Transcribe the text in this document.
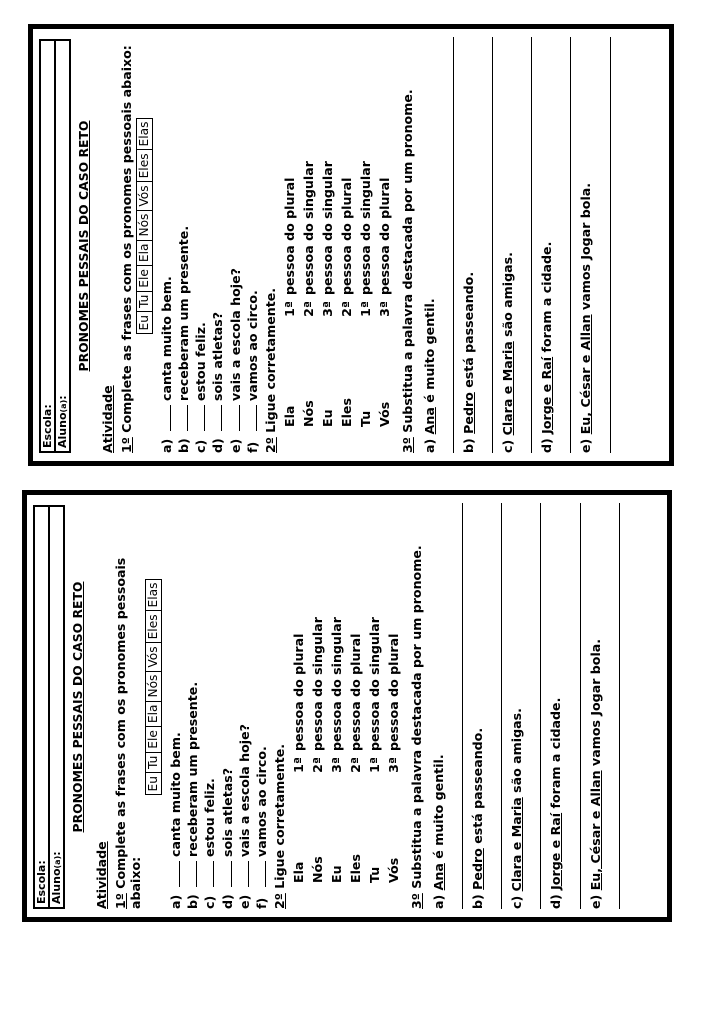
Escola: Aluno(a):
PRONOMES PESSAIS DO CASO RETO
Atividade 1º Complete as frases com os pronomes pessoais abaixo:
Eu
Tu
Ele
Ela
Nós
Vós
Eles
Elas
a)
canta muito bem.
b)
receberam um presente.
c)
estou feliz.
d)
sois atletas?
e)
vais a escola hoje?
f)
vamos ao circo.
2º Ligue corretamente. Ela Nós Eu Eles Tu Vós
1ªpessoa do plural
2ªpessoa do singular
3ªpessoa do singular
2ªpessoa do plural
1ªpessoa do singular
3ªpessoa do plural
3º Substitua a palavra destacada por um pronome.
a) Ana é muito gentil.
b) Pedro está passeando.
c) Clara e Maria são amigas.
d) Jorge e Raí foram a cidade.
e) Eu, César e Allan vamos Jogar bola.
Escola: Aluno(a):
PRONOMES PESSAIS DO CASO RETO
Atividade 1º Complete as frases com os pronomes pessoais abaixo: Eu
Tu
Ele
Ela
Nós
Vós
Eles
Elas
a)
canta muito bem.
b)
receberam um presente.
c)
estou feliz.
d)
sois atletas?
e)
vais a escola hoje?
f)
vamos ao circo.
2º Ligue corretamente. Ela Nós Eu Eles Tu Vós
1ªpessoa do plural
2ªpessoa do singular
3ªpessoa do singular
2ªpessoa do plural
1ªpessoa do singular
3ªpessoa do plural
3º Substitua a palavra destacada por um pronome.
a) Ana é muito gentil.
b) Pedro está passeando.
c) Clara e Maria são amigas.
d) Jorge e Raí foram a cidade.
e) Eu, César e Allan vamos Jogar bola.
